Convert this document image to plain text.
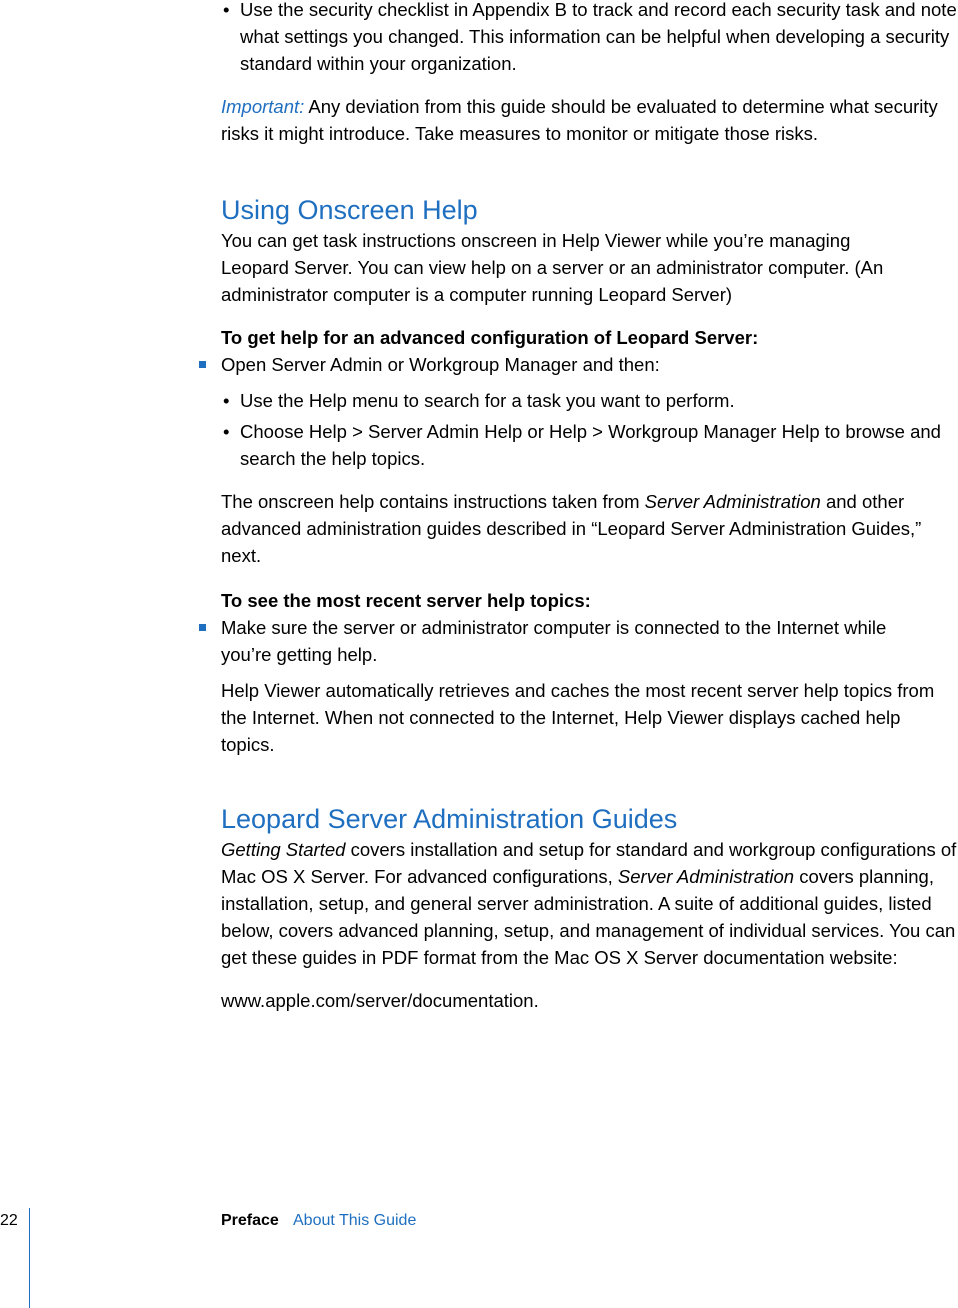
• Use the security checklist in Appendix B to track and record each security task and note what settings you changed. This information can be helpful when developing a security standard within your organization.

Important: Any deviation from this guide should be evaluated to determine what security risks it might introduce. Take measures to monitor or mitigate those risks.

Using Onscreen Help

You can get task instructions onscreen in Help Viewer while you’re managing Leopard Server. You can view help on a server or an administrator computer. (An administrator computer is a computer running Leopard Server)

To get help for an advanced configuration of Leopard Server:
Open Server Admin or Workgroup Manager and then:
• Use the Help menu to search for a task you want to perform.
• Choose Help > Server Admin Help or Help > Workgroup Manager Help to browse and search the help topics.

The onscreen help contains instructions taken from Server Administration and other advanced administration guides described in “Leopard Server Administration Guides,” next.

To see the most recent server help topics:
Make sure the server or administrator computer is connected to the Internet while you’re getting help.

Help Viewer automatically retrieves and caches the most recent server help topics from the Internet. When not connected to the Internet, Help Viewer displays cached help topics.

Leopard Server Administration Guides

Getting Started covers installation and setup for standard and workgroup configurations of Mac OS X Server. For advanced configurations, Server Administration covers planning, installation, setup, and general server administration. A suite of additional guides, listed below, covers advanced planning, setup, and management of individual services. You can get these guides in PDF format from the Mac OS X Server documentation website:

www.apple.com/server/documentation.

22	Preface About This Guide
